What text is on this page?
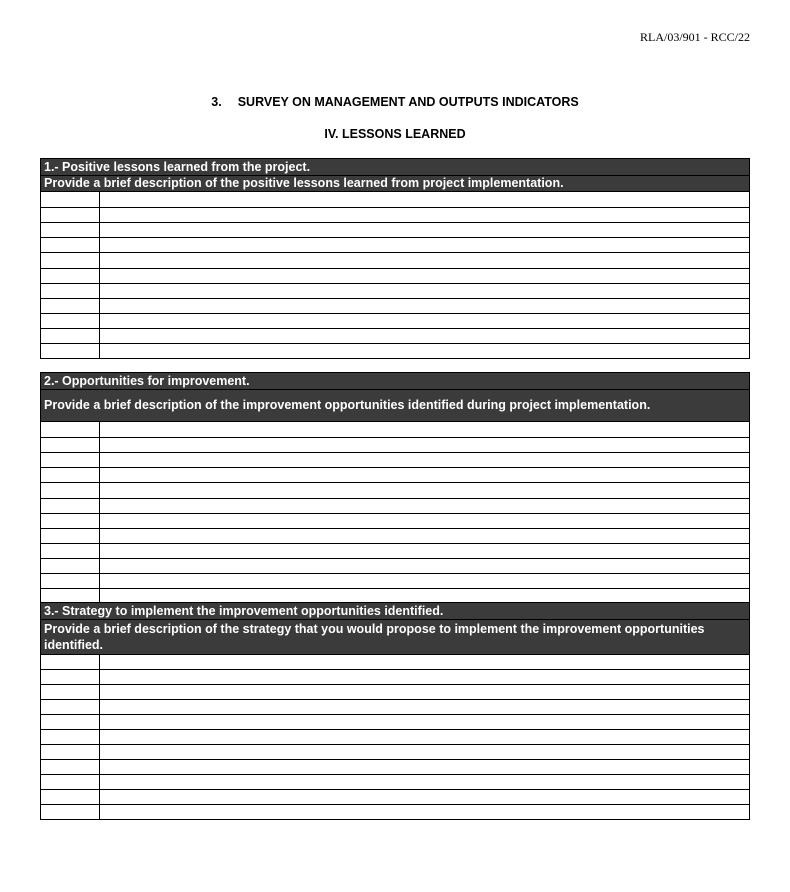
RLA/03/901 - RCC/22
3. SURVEY ON MANAGEMENT AND OUTPUTS INDICATORS
IV. LESSONS LEARNED
1.- Positive lessons learned from the project.
Provide a brief description of the positive lessons learned from project implementation.
2.- Opportunities for improvement.
Provide a brief description of the improvement opportunities identified during project implementation.
3.- Strategy to implement the improvement opportunities identified.
Provide a brief description of the strategy that you would propose to implement the improvement opportunities identified.
